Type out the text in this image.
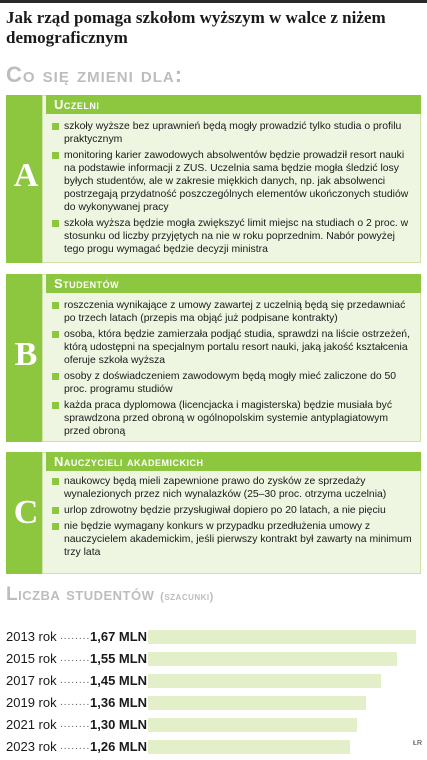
Jak rząd pomaga szkołom wyższym w walce z niżem demograficznym
Co się zmieni dla:
A
Uczelni
szkoły wyższe bez uprawnień będą mogły prowadzić tylko studia o profilu praktycznym
monitoring karier zawodowych absolwentów będzie prowadził resort nauki na podstawie informacji z ZUS. Uczelnia sama będzie mogła śledzić losy byłych studentów, ale w zakresie miękkich danych, np. jak absolwenci postrzegają przydatność poszczególnych elementów ukończonych studiów do wykonywanej pracy
szkoła wyższa będzie mogła zwiększyć limit miejsc na studiach o 2 proc. w stosunku od liczby przyjętych na nie w roku poprzednim. Nabór powyżej tego progu wymagać będzie decyzji ministra
B
Studentów
roszczenia wynikające z umowy zawartej z uczelnią będą się przedawniać po trzech latach (przepis ma objąć już podpisane kontrakty)
osoba, która będzie zamierzała podjąć studia, sprawdzi na liście ostrzeżeń, którą udostępni na specjalnym portalu resort nauki, jaką jakość kształcenia oferuje szkoła wyższa
osoby z doświadczeniem zawodowym będą mogły mieć zaliczone do 50 proc. programu studiów
każda praca dyplomowa (licencjacka i magisterska) będzie musiała być sprawdzona przed obroną w ogólnopolskim systemie antyplagiatowym przed obroną
C
Nauczycieli akademickich
naukowcy będą mieli zapewnione prawo do zysków ze sprzedaży wynalezionych przez nich wynalazków (25–30 proc. otrzyma uczelnia)
urlop zdrowotny będzie przysługiwał dopiero po 20 latach, a nie pięciu
nie będzie wymagany konkurs w przypadku przedłużenia umowy z nauczycielem akademickim, jeśli pierwszy kontrakt był zawarty na minimum trzy lata
Liczba studentów (szacunki)
2013 rok ........ 1,67 MLN
2015 rok ........ 1,55 MLN
2017 rok ........ 1,45 MLN
2019 rok ........ 1,36 MLN
2021 rok ........ 1,30 MLN
2023 rok ........ 1,26 MLN	ŁR
